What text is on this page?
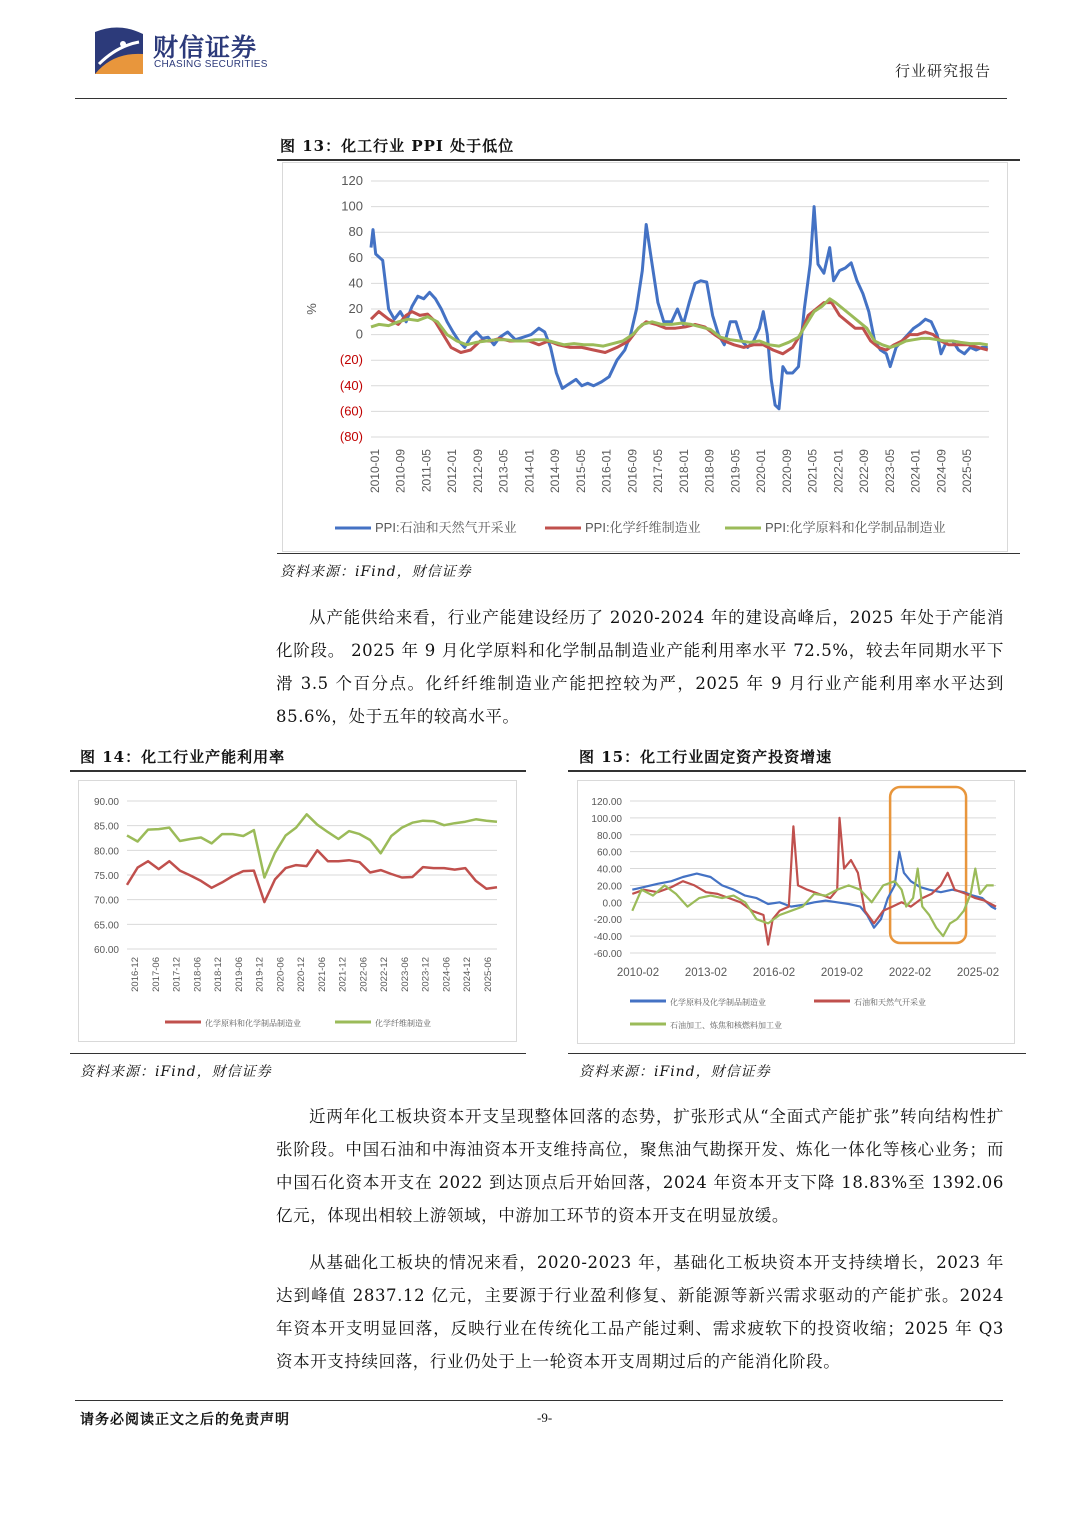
财信证券
CHASING SECURITIES	行业研究报告
图 13：化工行业 PPI 处于低位
120
100
80
60
40
20
0
(20)
(40)
(60)
(80)
2010-01 2010-09 2011-05 2012-01 2012-09 2013-05 2014-01 2014-09 2015-05 2016-01 2016-09 2017-05 2018-01 2018-09 2019-05 2020-01 2020-09 2021-05 2022-01 2022-09 2023-05 2024-01 2024-09 2025-05
%
PPI:石油和天然气开采业	PPI:化学纤维制造业	PPI:化学原料和化学制品制造业
资料来源：iFind，财信证券

从产能供给来看，行业产能建设经历了 2020-2024 年的建设高峰后，2025 年处于产能消化阶段。 2025 年 9 月化学原料和化学制品制造业产能利用率水平 72.5%，较去年同期水平下滑 3.5 个百分点。化纤纤维制造业产能把控较为严，2025 年 9 月行业产能利用率水平达到 85.6%，处于五年的较高水平。

图 14：化工行业产能利用率
90.00
85.00
80.00
75.00
70.00
65.00
60.00
2016-12 2017-06 2017-12 2018-06 2018-12 2019-06 2019-12 2020-06 2020-12 2021-06 2021-12 2022-06 2022-12 2023-06 2023-12 2024-06 2024-12 2025-06
化学原料和化学制品制造业	化学纤维制造业
资料来源：iFind，财信证券
图 15：化工行业固定资产投资增速
120.00
100.00
80.00
60.00
40.00
20.00
0.00
-20.00
-40.00
-60.00
2010-02 2013-02 2016-02 2019-02 2022-02 2025-02
化学原料及化学制品制造业	石油和天然气开采业
石油加工、炼焦和核燃料加工业
资料来源：iFind，财信证券

近两年化工板块资本开支呈现整体回落的态势，扩张形式从“全面式产能扩张”转向结构性扩张阶段。中国石油和中海油资本开支维持高位，聚焦油气勘探开发、炼化一体化等核心业务；而中国石化资本开支在 2022 到达顶点后开始回落，2024 年资本开支下降 18.83%至 1392.06 亿元，体现出相较上游领域，中游加工环节的资本开支在明显放缓。

从基础化工板块的情况来看，2020-2023 年，基础化工板块资本开支持续增长，2023 年达到峰值 2837.12 亿元，主要源于行业盈利修复、新能源等新兴需求驱动的产能扩张。2024 年资本开支明显回落，反映行业在传统化工品产能过剩、需求疲软下的投资收缩；2025 年 Q3 资本开支持续回落，行业仍处于上一轮资本开支周期过后的产能消化阶段。

请务必阅读正文之后的免责声明	-9-
